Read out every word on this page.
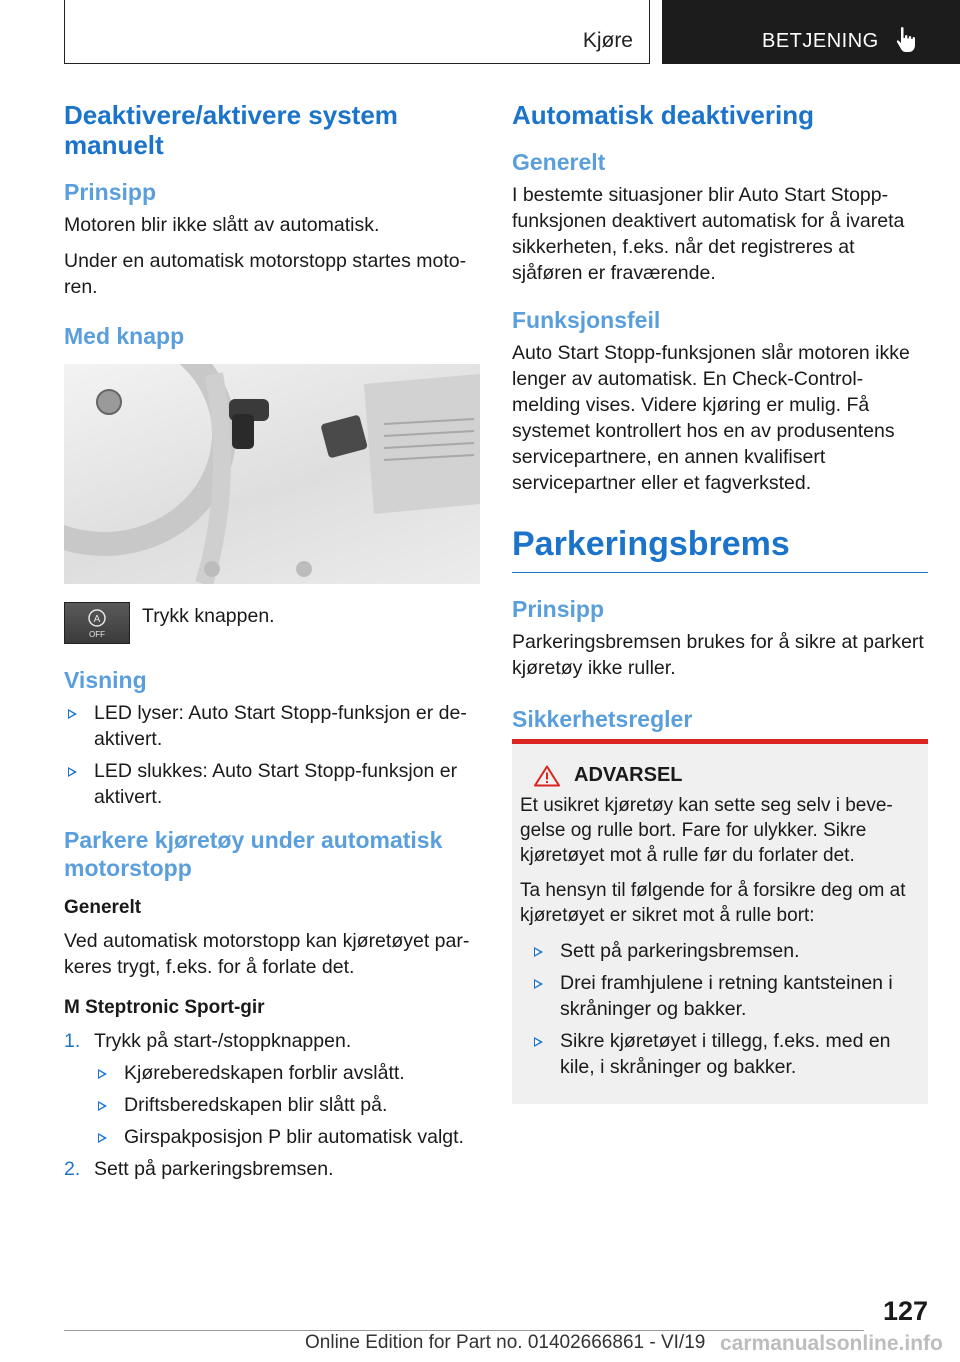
Kjøre	BETJENING
Deaktivere/aktivere system manuelt
Prinsipp

Motoren blir ikke slått av automatisk.

Under en automatisk motorstopp startes motoren.

Med knapp
A
OFF
Trykk knappen.
Visning
LED lyser: Auto Start Stopp-funksjon er deaktivert.
LED slukkes: Auto Start Stopp-funksjon er aktivert.
Parkere kjøretøy under automatisk motorstopp
Generelt

Ved automatisk motorstopp kan kjøretøyet parkeres trygt, f.eks. for å forlate det.

M Steptronic Sport-gir
1. Trykk på start-/stoppknappen.
Kjøreberedskapen forblir avslått.
Driftsberedskapen blir slått på.
Girspakposisjon P blir automatisk valgt.
2. Sett på parkeringsbremsen.
Automatisk deaktivering
Generelt

I bestemte situasjoner blir Auto Start Stopp-funksjonen deaktivert automatisk for å ivareta sikkerheten, f.eks. når det registreres at sjåføren er fraværende.

Funksjonsfeil

Auto Start Stopp-funksjonen slår motoren ikke lenger av automatisk. En Check-Control-melding vises. Videre kjøring er mulig. Få systemet kontrollert hos en av produsentens servicepartnere, en annen kvalifisert servicepartner eller et fagverksted.

Parkeringsbrems
Prinsipp

Parkeringsbremsen brukes for å sikre at parkert kjøretøy ikke ruller.

Sikkerhetsregler
ADVARSEL

Et usikret kjøretøy kan sette seg selv i bevegelse og rulle bort. Fare for ulykker. Sikre kjøretøyet mot å rulle før du forlater det.

Ta hensyn til følgende for å forsikre deg om at kjøretøyet er sikret mot å rulle bort:

Sett på parkeringsbremsen.
Drei framhjulene i retning kantsteinen i skråninger og bakker.
Sikre kjøretøyet i tillegg, f.eks. med en kile, i skråninger og bakker.
127
Online Edition for Part no. 01402666861 - VI/19 carmanualsonline.info
